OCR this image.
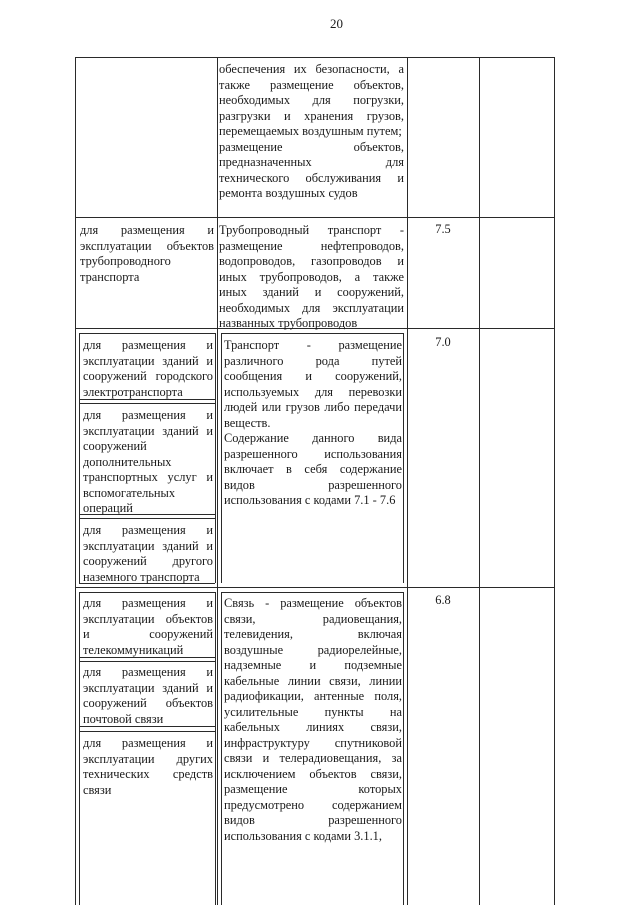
20
обеспечения их безопасности, а также размещение объектов, необходимых для погрузки, разгрузки и хранения грузов, перемещаемых воздушным путем;
размещение объектов, предназначенных для технического обслуживания и ремонта воздушных судов
для размещения и эксплуатации объектов трубопроводного транспорта
Трубопроводный транспорт - размещение нефтепроводов, водопроводов, газопроводов и иных трубопроводов, а также иных зданий и сооружений, необходимых для эксплуатации названных трубопроводов
7.5
для размещения и эксплуатации зданий и сооружений городского электротранспорта
для размещения и эксплуатации зданий и сооружений дополнительных транспортных услуг и вспомогательных операций
для размещения и эксплуатации зданий и сооружений другого наземного транспорта
Транспорт - размещение различного рода путей сообщения и сооружений, используемых для перевозки людей или грузов либо передачи веществ.
Содержание данного вида разрешенного использования включает в себя содержание видов разрешенного использования с кодами 7.1 - 7.6
7.0
для размещения и эксплуатации объектов и сооружений телекоммуникаций
для размещения и эксплуатации зданий и сооружений объектов почтовой связи
для размещения и эксплуатации других технических средств связи
Связь - размещение объектов связи, радиовещания, телевидения, включая воздушные радиорелейные, надземные и подземные кабельные линии связи, линии радиофикации, антенные поля, усилительные пункты на кабельных линиях связи, инфраструктуру спутниковой связи и телерадиовещания, за исключением объектов связи, размещение которых предусмотрено содержанием видов разрешенного использования с кодами 3.1.1,
6.8
